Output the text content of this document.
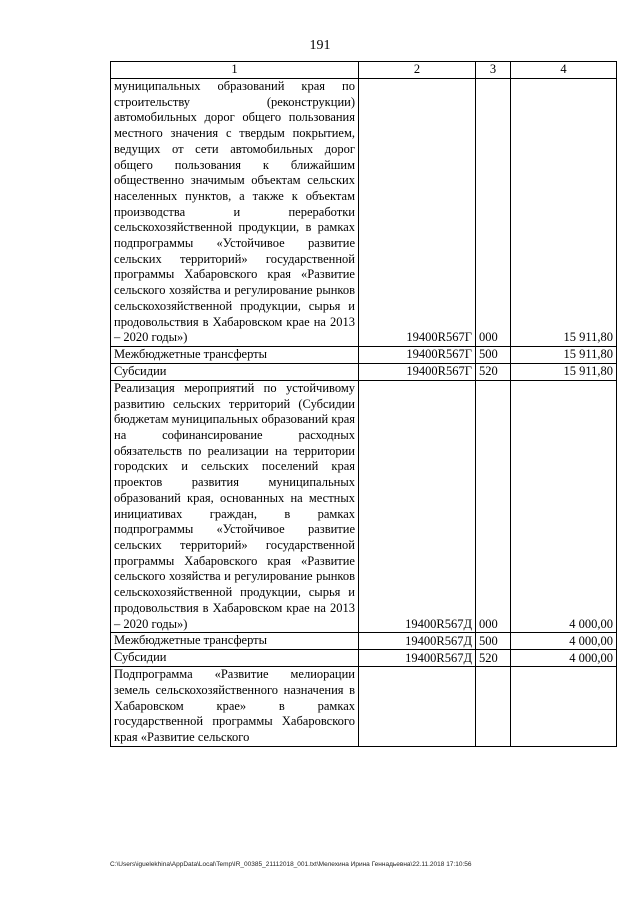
191
1	2	3	4
муниципальных образований края по строительству (реконструкции) автомобильных дорог общего пользования местного значения с твердым покрытием, ведущих от сети автомобильных дорог общего пользования к ближайшим общественно значимым объектам сельских населенных пунктов, а также к объектам производства и переработки сельскохозяйственной продукции, в рамках подпрограммы «Устойчивое развитие сельских территорий» государственной программы Хабаровского края «Развитие сельского хозяйства и регулирование рынков сельскохозяйственной продукции, сырья и продовольствия в Хабаровском крае на 2013 – 2020 годы»)	19400R567Г	000	15 911,80
Межбюджетные трансферты	19400R567Г	500	15 911,80
Субсидии	19400R567Г	520	15 911,80
Реализация мероприятий по устойчивому развитию сельских территорий (Субсидии бюджетам муниципальных образований края на софинансирование расходных обязательств по реализации на территории городских и сельских поселений края проектов развития муниципальных образований края, основанных на местных инициативах граждан, в рамках подпрограммы «Устойчивое развитие сельских территорий» государственной программы Хабаровского края «Развитие сельского хозяйства и регулирование рынков сельскохозяйственной продукции, сырья и продовольствия в Хабаровском крае на 2013 – 2020 годы»)	19400R567Д	000	4 000,00
Межбюджетные трансферты	19400R567Д	500	4 000,00
Субсидии	19400R567Д	520	4 000,00
Подпрограмма «Развитие мелиорации земель сельскохозяйственного назначения в Хабаровском крае» в рамках государственной программы Хабаровского края «Развитие сельского			
C:\Users\iguelekhina\AppData\Local\Temp\IR_00385_21112018_001.txt\Мелехина Ирина Геннадьевна\22.11.2018 17:10:56
